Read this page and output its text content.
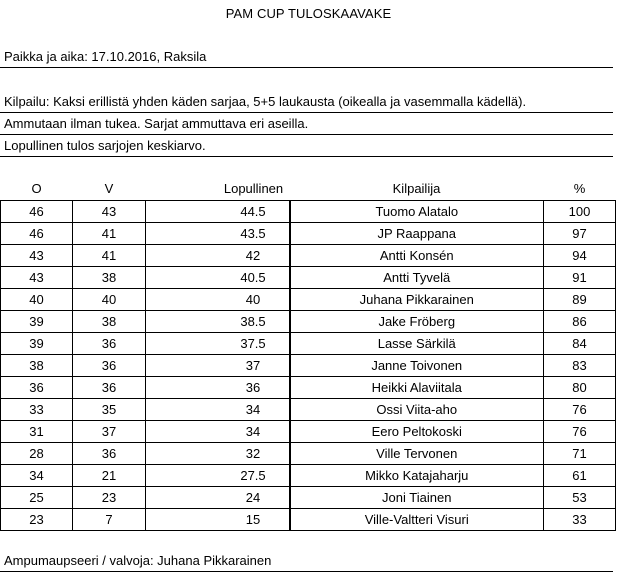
PAM CUP TULOSKAAVAKE
Paikka ja aika: 17.10.2016, Raksila
Kilpailu: Kaksi erillistä yhden käden sarjaa, 5+5 laukausta (oikealla ja vasemmalla kädellä).
Ammutaan ilman tukea. Sarjat ammuttava eri aseilla.
Lopullinen tulos sarjojen keskiarvo.
O	V		Lopullinen	Kilpailija	%
46	43		44.5	Tuomo Alatalo	100
46	41		43.5	JP Raappana	97
43	41		42	Antti Konsén	94
43	38		40.5	Antti Tyvelä	91
40	40		40	Juhana Pikkarainen	89
39	38		38.5	Jake Fröberg	86
39	36		37.5	Lasse Särkilä	84
38	36		37	Janne Toivonen	83
36	36		36	Heikki Alaviitala	80
33	35		34	Ossi Viita-aho	76
31	37		34	Eero Peltokoski	76
28	36		32	Ville Tervonen	71
34	21		27.5	Mikko Katajaharju	61
25	23		24	Joni Tiainen	53
23	7		15	Ville-Valtteri Visuri	33
Ampumaupseeri / valvoja: Juhana Pikkarainen
